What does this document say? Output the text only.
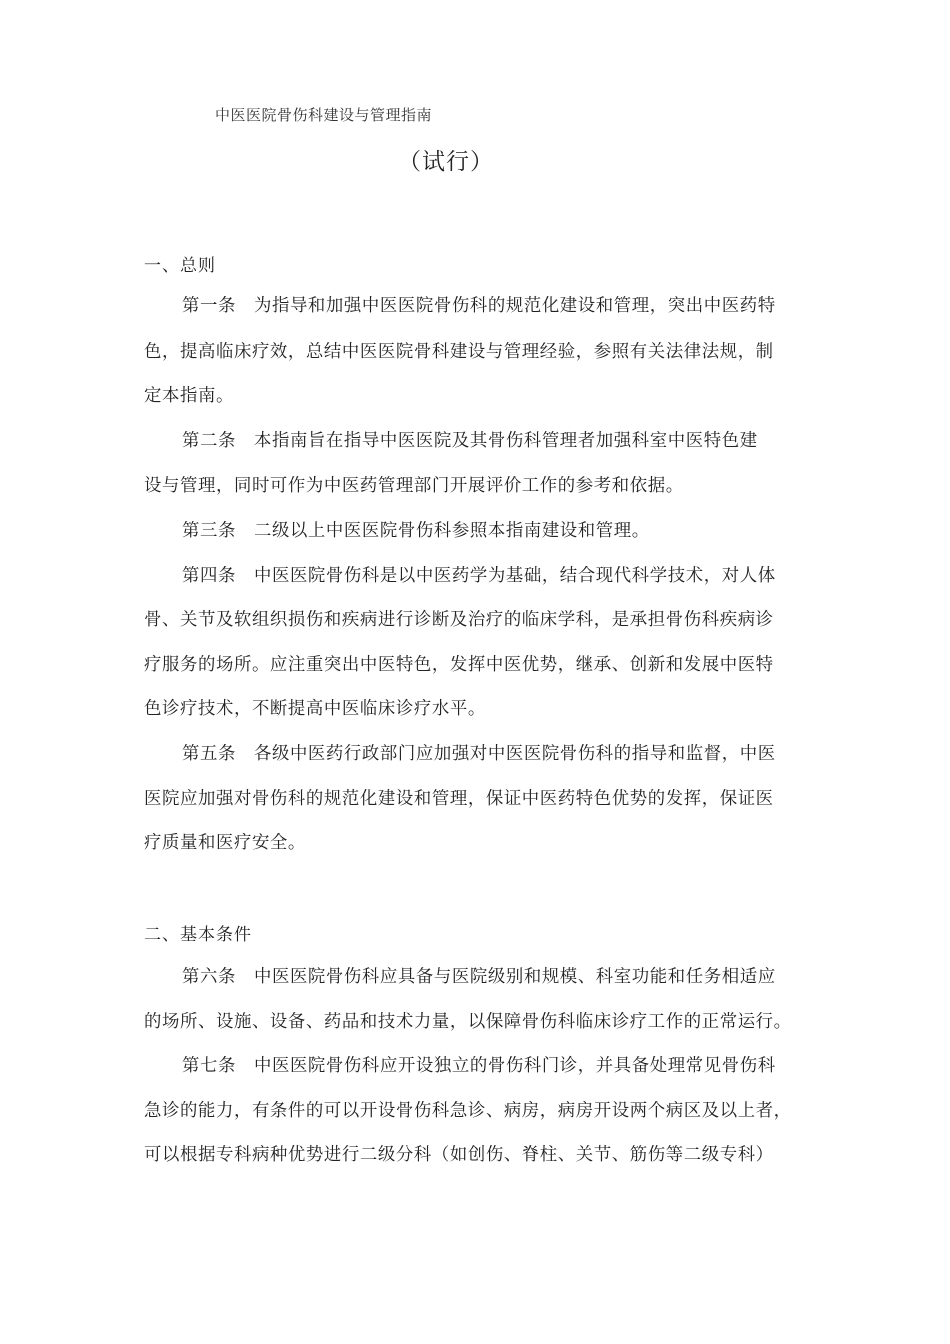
中医医院骨伤科建设与管理指南
（试行）
一、总则
第一条　为指导和加强中医医院骨伤科的规范化建设和管理，突出中医药特
色，提高临床疗效，总结中医医院骨科建设与管理经验，参照有关法律法规，制
定本指南。
第二条　本指南旨在指导中医医院及其骨伤科管理者加强科室中医特色建
设与管理，同时可作为中医药管理部门开展评价工作的参考和依据。
第三条　二级以上中医医院骨伤科参照本指南建设和管理。
第四条　中医医院骨伤科是以中医药学为基础，结合现代科学技术，对人体
骨、关节及软组织损伤和疾病进行诊断及治疗的临床学科，是承担骨伤科疾病诊
疗服务的场所。应注重突出中医特色，发挥中医优势，继承、创新和发展中医特
色诊疗技术，不断提高中医临床诊疗水平。
第五条　各级中医药行政部门应加强对中医医院骨伤科的指导和监督，中医
医院应加强对骨伤科的规范化建设和管理，保证中医药特色优势的发挥，保证医
疗质量和医疗安全。
二、基本条件
第六条　中医医院骨伤科应具备与医院级别和规模、科室功能和任务相适应
的场所、设施、设备、药品和技术力量，以保障骨伤科临床诊疗工作的正常运行。
第七条　中医医院骨伤科应开设独立的骨伤科门诊，并具备处理常见骨伤科
急诊的能力，有条件的可以开设骨伤科急诊、病房，病房开设两个病区及以上者，
可以根据专科病种优势进行二级分科（如创伤、脊柱、关节、筋伤等二级专科）
